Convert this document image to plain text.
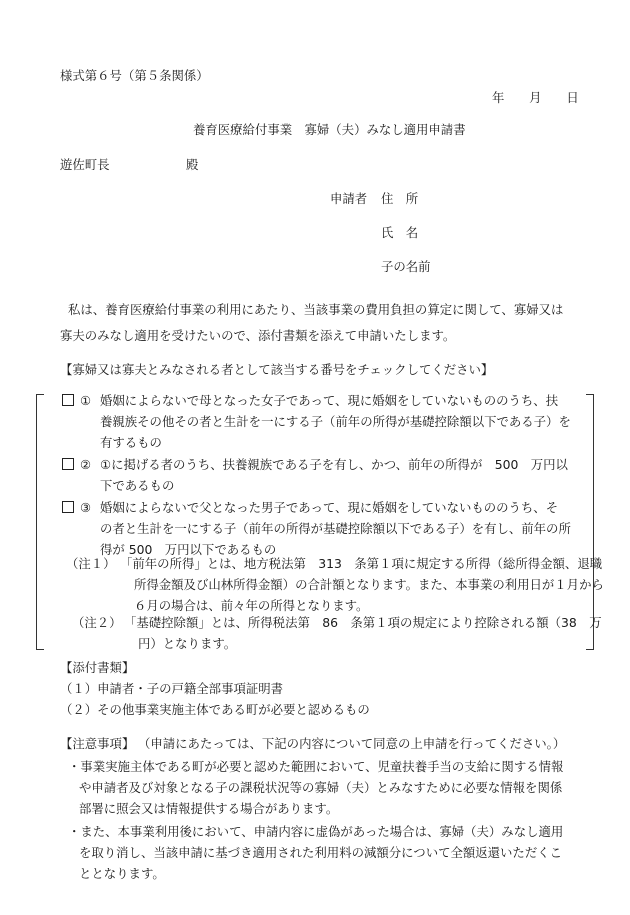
様式第６号（第５条関係）
年　　月　　日
養育医療給付事業　寡婦（夫）みなし適用申請書
遊佐町長	殿
申請者 住　所
氏　名
子の名前
私は、養育医療給付事業の利用にあたり、当該事業の費用負担の算定に関して、寡婦又は
寡夫のみなし適用を受けたいので、添付書類を添えて申請いたします。
【寡婦又は寡夫とみなされる者として該当する番号をチェックしてください】
① 婚姻によらないで母となった女子であって、現に婚姻をしていないもののうち、扶
養親族その他その者と生計を一にする子（前年の所得が基礎控除額以下である子）を
有するもの
② ①に掲げる者のうち、扶養親族である子を有し、かつ、前年の所得が　500　万円以
下であるもの
③ 婚姻によらないで父となった男子であって、現に婚姻をしていないもののうち、そ
の者と生計を一にする子（前年の所得が基礎控除額以下である子）を有し、前年の所
得が 500　万円以下であるもの
（注１） 「前年の所得」とは、地方税法第　313　条第１項に規定する所得（総所得金額、退職
所得金額及び山林所得金額）の合計額となります。また、本事業の利用日が１月から
６月の場合は、前々年の所得となります。
（注２） 「基礎控除額」とは、所得税法第　86　条第１項の規定により控除される額（38　万
円）となります。
【添付書類】
（１）申請者・子の戸籍全部事項証明書
（２）その他事業実施主体である町が必要と認めるもの
【注意事項】 （申請にあたっては、下記の内容について同意の上申請を行ってください。）
・事業実施主体である町が必要と認めた範囲において、児童扶養手当の支給に関する情報
や申請者及び対象となる子の課税状況等の寡婦（夫）とみなすために必要な情報を関係
部署に照会又は情報提供する場合があります。
・また、本事業利用後において、申請内容に虚偽があった場合は、寡婦（夫）みなし適用
を取り消し、当該申請に基づき適用された利用料の減額分について全額返還いただくこ
ととなります。
